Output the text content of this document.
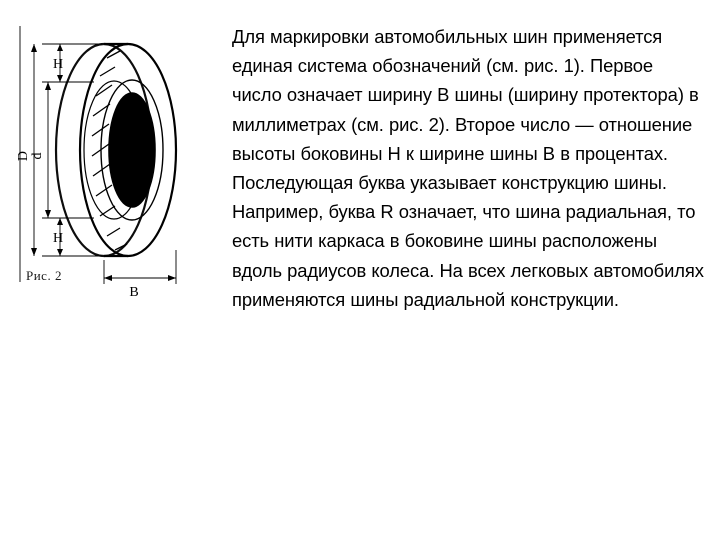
H
H
D d
B
Рис. 2
Для маркировки автомобильных шин применяется единая система обозначений (см. рис. 1). Первое число означает ширину B шины (ширину протектора) в миллиметрах (см. рис. 2). Второе число — отношение высоты боковины H к ширине шины B в процентах. Последующая буква указывает конструкцию шины. Например, буква R означает, что шина радиальная, то есть нити каркаса в боковине шины расположены вдоль радиусов колеса. На всех легковых автомобилях применяются шины радиальной конструкции.
